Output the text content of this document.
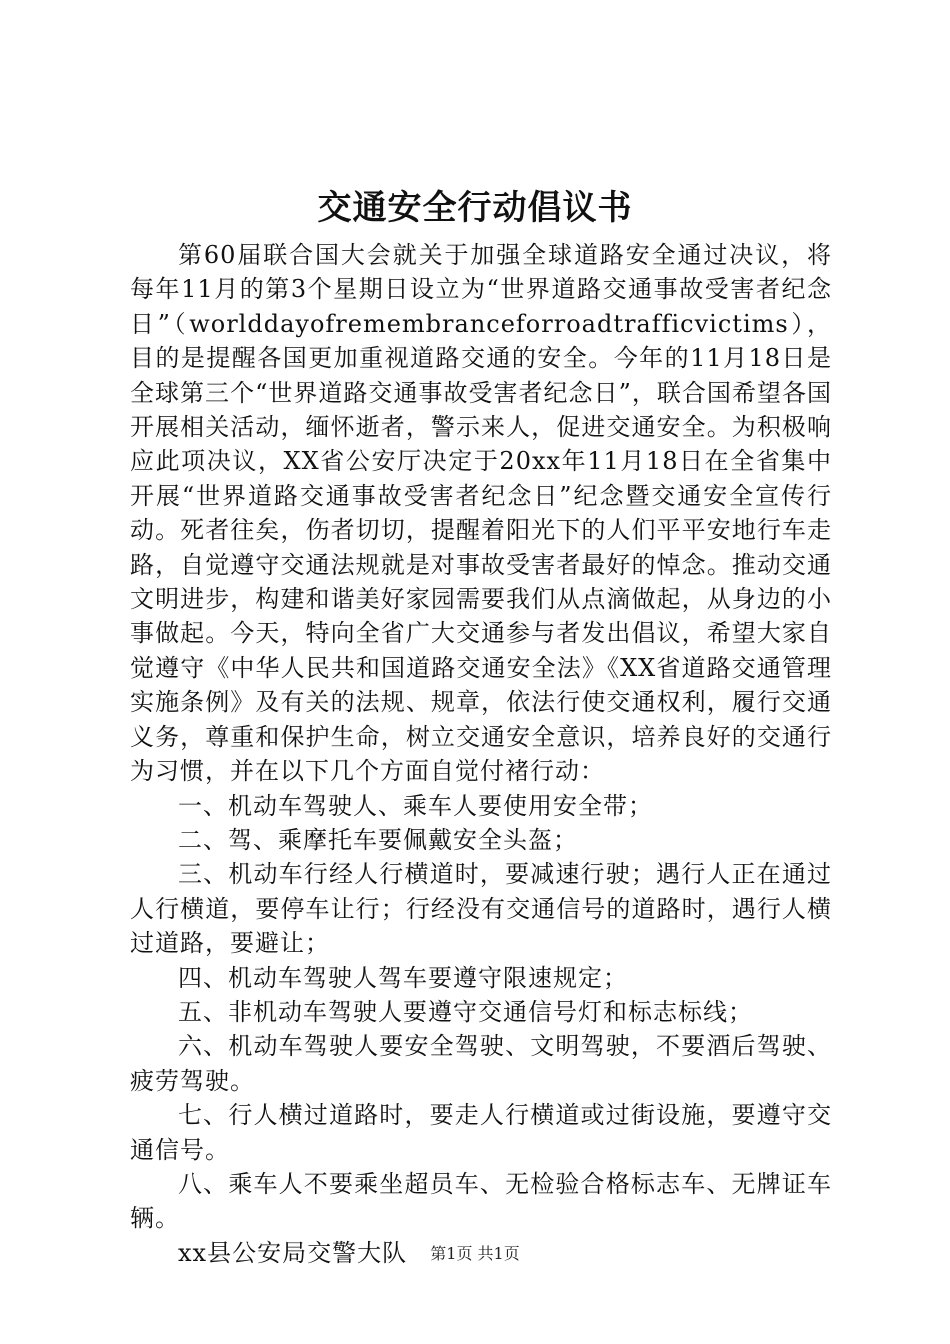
交通安全行动倡议书

第60届联合国大会就关于加强全球道路安全通过决议，将每年11月的第3个星期日设立为“世界道路交通事故受害者纪念日”（worlddayofremembranceforroadtrafficvictims），目的是提醒各国更加重视道路交通的安全。今年的11月18日是全球第三个“世界道路交通事故受害者纪念日”，联合国希望各国开展相关活动，缅怀逝者，警示来人，促进交通安全。为积极响应此项决议，XX省公安厅决定于20xx年11月18日在全省集中开展“世界道路交通事故受害者纪念日”纪念暨交通安全宣传行动。死者往矣，伤者切切，提醒着阳光下的人们平平安地行车走路，自觉遵守交通法规就是对事故受害者最好的悼念。推动交通文明进步，构建和谐美好家园需要我们从点滴做起，从身边的小事做起。今天，特向全省广大交通参与者发出倡议，希望大家自觉遵守《中华人民共和国道路交通安全法》《XX省道路交通管理实施条例》及有关的法规、规章，依法行使交通权利，履行交通义务，尊重和保护生命，树立交通安全意识，培养良好的交通行为习惯，并在以下几个方面自觉付褚行动：

一、机动车驾驶人、乘车人要使用安全带；

二、驾、乘摩托车要佩戴安全头盔；

三、机动车行经人行横道时，要减速行驶；遇行人正在通过人行横道，要停车让行；行经没有交通信号的道路时，遇行人横过道路，要避让；

四、机动车驾驶人驾车要遵守限速规定；

五、非机动车驾驶人要遵守交通信号灯和标志标线；

六、机动车驾驶人要安全驾驶、文明驾驶，不要酒后驾驶、疲劳驾驶。

七、行人横过道路时，要走人行横道或过街设施，要遵守交通信号。

八、乘车人不要乘坐超员车、无检验合格标志车、无牌证车辆。

xx县公安局交警大队	第1页 共1页
